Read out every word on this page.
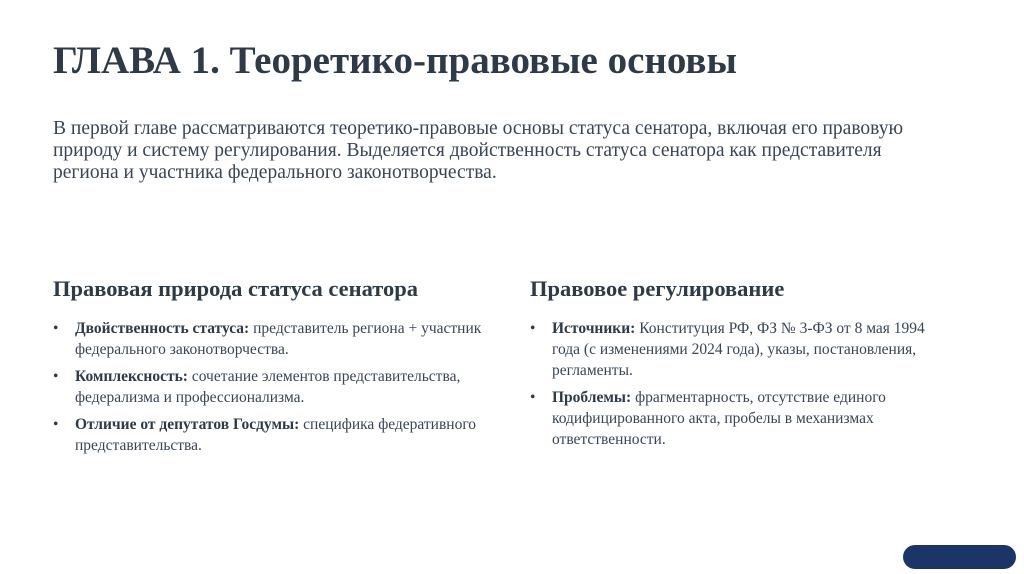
ГЛАВА 1. Теоретико-правовые основы

В первой главе рассматриваются теоретико-правовые основы статуса сенатора, включая его правовую природу и систему регулирования. Выделяется двойственность статуса сенатора как представителя региона и участника федерального законотворчества.

Правовая природа статуса сенатора
•	Двойственность статуса: представитель региона + участник федерального законотворчества.
•	Комплексность: сочетание элементов представительства, федерализма и профессионализма.
•	Отличие от депутатов Госдумы: специфика федеративного представительства.
Правовое регулирование
•	Источники: Конституция РФ, ФЗ № 3-ФЗ от 8 мая 1994 года (с изменениями 2024 года), указы, постановления, регламенты.
•	Проблемы: фрагментарность, отсутствие единого кодифицированного акта, пробелы в механизмах ответственности.
